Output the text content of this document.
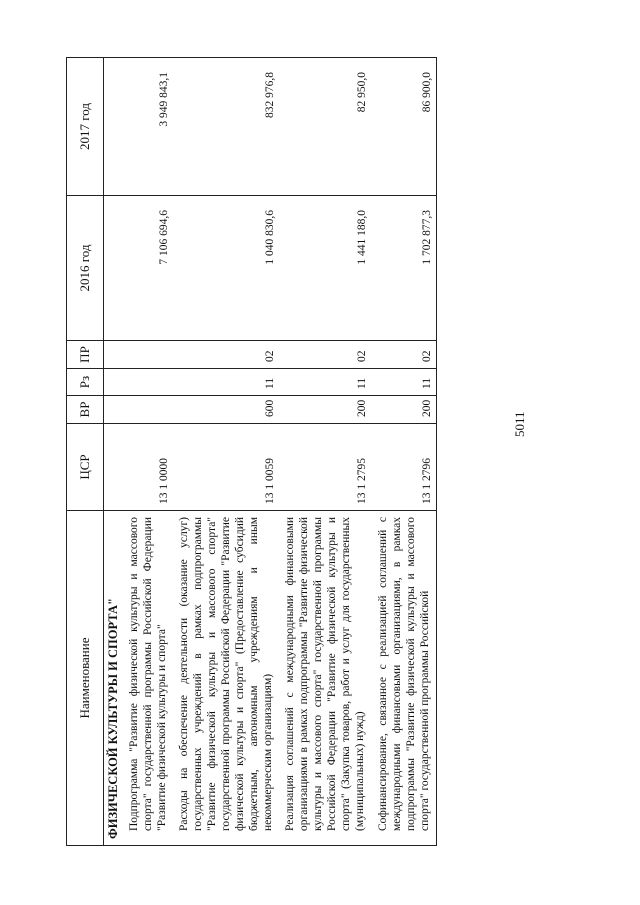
5011
Наименование	ЦСР	ВР	Рз	ПР	2016 год	2017 год
ФИЗИЧЕСКОЙ КУЛЬТУРЫ И СПОРТА"						
Подпрограмма "Развитие физической культуры и массового спорта" государственной программы Российской Федерации "Развитие физической культуры и спорта"	13 1 0000				7 106 694,6	3 949 843,1
Расходы на обеспечение деятельности (оказание услуг) государственных учреждений в рамках подпрограммы "Развитие физической культуры и массового спорта" государственной программы Российской Федерации "Развитие физической культуры и спорта" (Предоставление субсидий бюджетным, автономным учреждениям и иным некоммерческим организациям)	13 1 0059	600	11	02	1 040 830,6	832 976,8
Реализация соглашений с международными финансовыми организациями в рамках подпрограммы "Развитие физической культуры и массового спорта" государственной программы Российской Федерации "Развитие физической культуры и спорта" (Закупка товаров, работ и услуг для государственных (муниципальных) нужд)	13 1 2795	200	11	02	1 441 188,0	82 950,0
Софинансирование, связанное с реализацией соглашений с международными финансовыми организациями, в рамках подпрограммы "Развитие физической культуры и массового спорта" государственной программы Российской	13 1 2796	200	11	02	1 702 877,3	86 900,0
